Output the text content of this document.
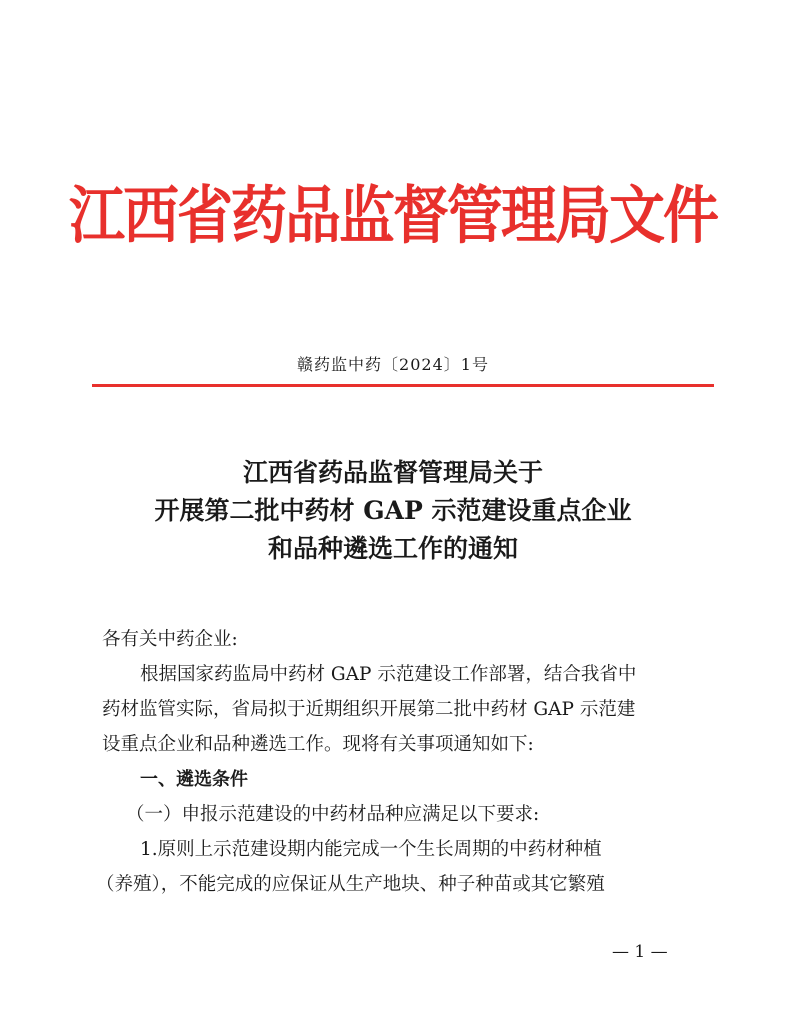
江西省药品监督管理局文件
赣药监中药〔2024〕1号
江西省药品监督管理局关于
开展第二批中药材 GAP 示范建设重点企业
和品种遴选工作的通知
各有关中药企业:
根据国家药监局中药材 GAP 示范建设工作部署，结合我省中
药材监管实际，省局拟于近期组织开展第二批中药材 GAP 示范建
设重点企业和品种遴选工作。现将有关事项通知如下:
一、遴选条件
（一）申报示范建设的中药材品种应满足以下要求:
1.原则上示范建设期内能完成一个生长周期的中药材种植
（养殖），不能完成的应保证从生产地块、种子种苗或其它繁殖
— 1 —
